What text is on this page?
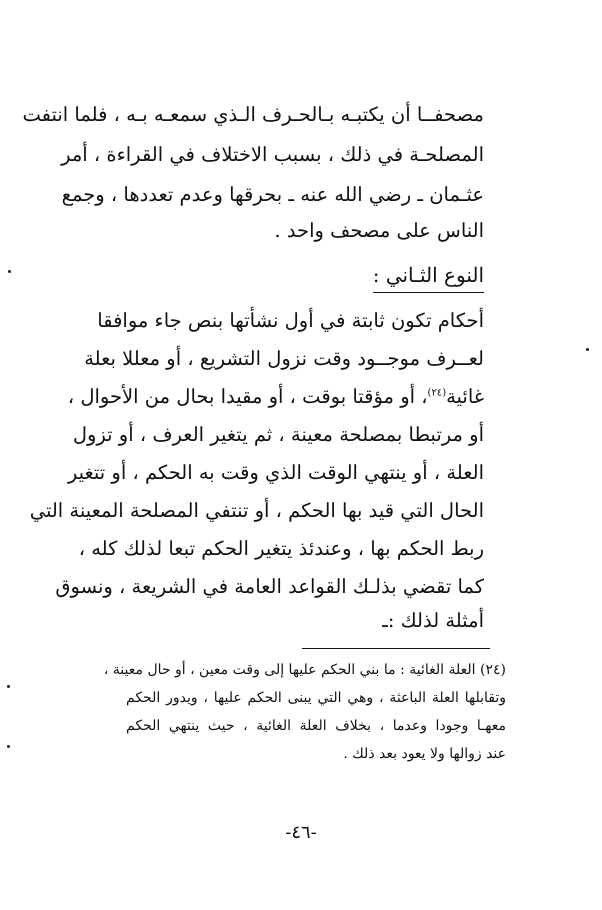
مصحفــا أن يكتبـه بـالحـرف الـذي سمعـه بـه ، فلما انتفت
المصلحـة في ذلك ، بسبب الاختلاف في القراءة ، أمر
عثـمان ـ رضي الله عنه ـ بحرقها وعدم تعددها ، وجمع
الناس على مصحف واحد .
النوع الثـاني :
أحكام تكون ثابتة في أول نشأتها بنص جاء موافقا
لعــرف موجــود وقت نزول التشريع ، أو معللا بعلة
غائية$^{(٢٤)}$، أو مؤقتا بوقت ، أو مقيدا بحال من الأحوال ،
أو مرتبطا بمصلحة معينة ، ثم يتغير العرف ، أو تزول
العلة ، أو ينتهي الوقت الذي وقت به الحكم ، أو تتغير
الحال التي قيد بها الحكم ، أو تنتفي المصلحة المعينة التي
ربط الحكم بها ، وعندئذ يتغير الحكم تبعا لذلك كله ،
كما تقضي بذلـك القواعد العامة في الشريعة ، ونسوق
أمثلة لذلك :ـ
(٢٤) العلة الغائية : ما بني الحكم عليها إلى وقت معين ، أو حال معينة ،
وتقابلها العلة الباعثة ، وهي التي يبنى الحكم عليها ، ويدور الحكم
معهـا وجودا وعدما ، بخلاف العلة الغائية ، حيث ينتهي الحكم
عند زوالها ولا يعود بعد ذلك .
-٤٦-
